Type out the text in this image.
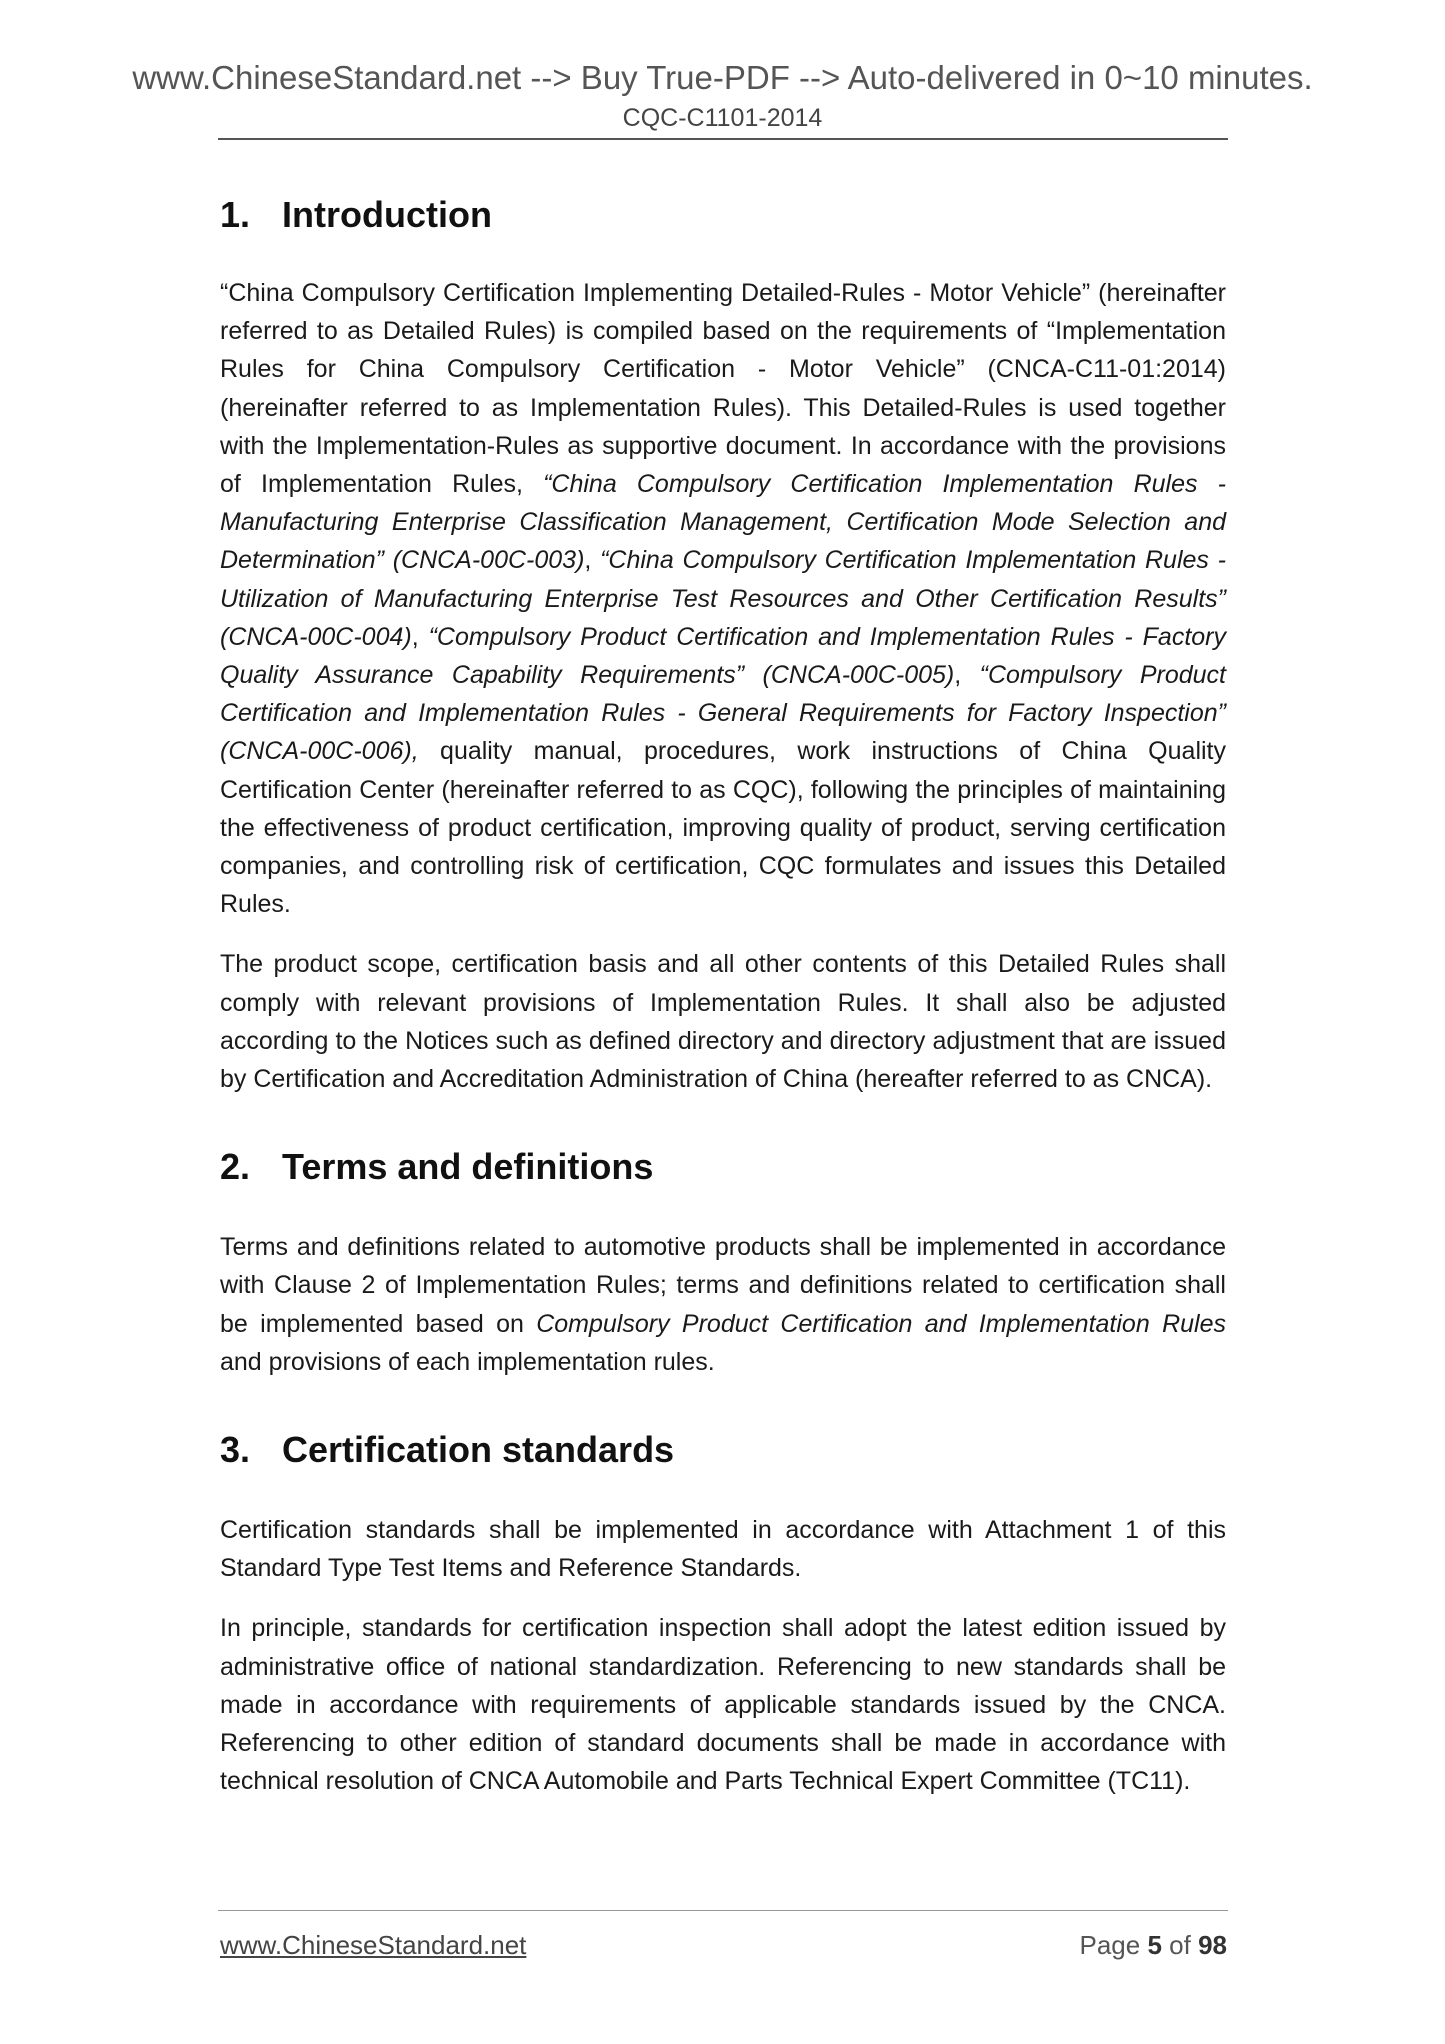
www.ChineseStandard.net --> Buy True-PDF --> Auto-delivered in 0~10 minutes.
CQC-C1101-2014
1. Introduction

“China Compulsory Certification Implementing Detailed-Rules - Motor Vehicle” (hereinafter referred to as Detailed Rules) is compiled based on the requirements of “Implementation Rules for China Compulsory Certification - Motor Vehicle” (CNCA-C11-01:2014) (hereinafter referred to as Implementation Rules). This Detailed-Rules is used together with the Implementation-Rules as supportive document. In accordance with the provisions of Implementation Rules, “China Compulsory Certification Implementation Rules - Manufacturing Enterprise Classification Management, Certification Mode Selection and Determination” (CNCA-00C-003), “China Compulsory Certification Implementation Rules - Utilization of Manufacturing Enterprise Test Resources and Other Certification Results” (CNCA-00C-004), “Compulsory Product Certification and Implementation Rules - Factory Quality Assurance Capability Requirements” (CNCA-00C-005), “Compulsory Product Certification and Implementation Rules - General Requirements for Factory Inspection” (CNCA-00C-006), quality manual, procedures, work instructions of China Quality Certification Center (hereinafter referred to as CQC), following the principles of maintaining the effectiveness of product certification, improving quality of product, serving certification companies, and controlling risk of certification, CQC formulates and issues this Detailed Rules.

The product scope, certification basis and all other contents of this Detailed Rules shall comply with relevant provisions of Implementation Rules. It shall also be adjusted according to the Notices such as defined directory and directory adjustment that are issued by Certification and Accreditation Administration of China (hereafter referred to as CNCA).

2. Terms and definitions

Terms and definitions related to automotive products shall be implemented in accordance with Clause 2 of Implementation Rules; terms and definitions related to certification shall be implemented based on Compulsory Product Certification and Implementation Rules and provisions of each implementation rules.

3. Certification standards

Certification standards shall be implemented in accordance with Attachment 1 of this Standard Type Test Items and Reference Standards.

In principle, standards for certification inspection shall adopt the latest edition issued by administrative office of national standardization. Referencing to new standards shall be made in accordance with requirements of applicable standards issued by the CNCA. Referencing to other edition of standard documents shall be made in accordance with technical resolution of CNCA Automobile and Parts Technical Expert Committee (TC11).

www.ChineseStandard.net	Page 5 of 98
